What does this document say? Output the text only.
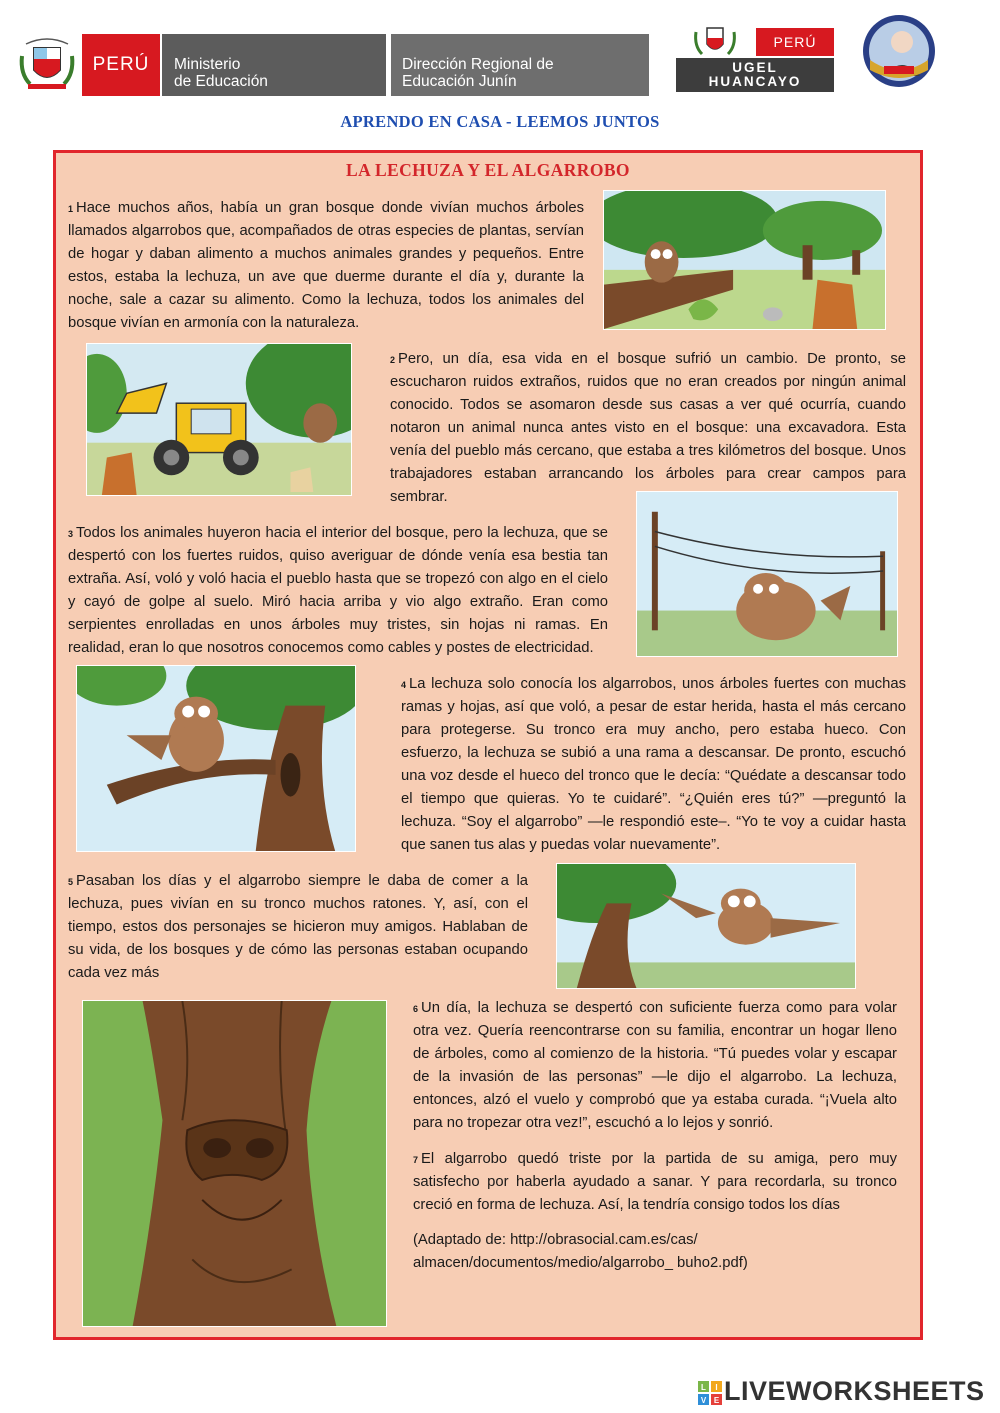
PERÚ	Ministerio
de Educación
Dirección Regional de
Educación Junín
PERÚ
UGEL
HUANCAYO
APRENDO EN CASA - LEEMOS JUNTOS
LA LECHUZA Y EL ALGARROBO

$^1$ Hace muchos años, había un gran bosque donde vivían muchos árboles llamados algarrobos que, acompañados de otras especies de plantas, servían de hogar y daban alimento a muchos animales grandes y pequeños. Entre estos, estaba la lechuza, un ave que duerme durante el día y, durante la noche, sale a cazar su alimento. Como la lechuza, todos los animales del bosque vivían en armonía con la naturaleza.

$^2$ Pero, un día, esa vida en el bosque sufrió un cambio. De pronto, se escucharon ruidos extraños, ruidos que no eran creados por ningún animal conocido. Todos se asomaron desde sus casas a ver qué ocurría, cuando notaron un animal nunca antes visto en el bosque: una excavadora. Esta venía del pueblo más cercano, que estaba a tres kilómetros del bosque. Unos trabajadores estaban arrancando los árboles para crear campos para sembrar.

$^3$ Todos los animales huyeron hacia el interior del bosque, pero la lechuza, que se despertó con los fuertes ruidos, quiso averiguar de dónde venía esa bestia tan extraña. Así, voló y voló hacia el pueblo hasta que se tropezó con algo en el cielo y cayó de golpe al suelo. Miró hacia arriba y vio algo extraño. Eran como serpientes enrolladas en unos árboles muy tristes, sin hojas ni ramas. En realidad, eran lo que nosotros conocemos como cables y postes de electricidad.

$^4$ La lechuza solo conocía los algarrobos, unos árboles fuertes con muchas ramas y hojas, así que voló, a pesar de estar herida, hasta el más cercano para protegerse. Su tronco era muy ancho, pero estaba hueco. Con esfuerzo, la lechuza se subió a una rama a descansar. De pronto, escuchó una voz desde el hueco del tronco que le decía: “Quédate a descansar todo el tiempo que quieras. Yo te cuidaré”. “¿Quién eres tú?” —preguntó la lechuza. “Soy el algarrobo” —le respondió este–. “Yo te voy a cuidar hasta que sanen tus alas y puedas volar nuevamente”.

$^5$ Pasaban los días y el algarrobo siempre le daba de comer a la lechuza, pues vivían en su tronco muchos ratones. Y, así, con el tiempo, estos dos personajes se hicieron muy amigos. Hablaban de su vida, de los bosques y de cómo las personas estaban ocupando cada vez más

$^6$ Un día, la lechuza se despertó con suficiente fuerza como para volar otra vez. Quería reencontrarse con su familia, encontrar un hogar lleno de árboles, como al comienzo de la historia. “Tú puedes volar y escapar de la invasión de las personas” —le dijo el algarrobo. La lechuza, entonces, alzó el vuelo y comprobó que ya estaba curada. “¡Vuela alto para no tropezar otra vez!”, escuchó a lo lejos y sonrió.

$^7$ El algarrobo quedó triste por la partida de su amiga, pero muy satisfecho por haberla ayudado a sanar. Y para recordarla, su tronco creció en forma de lechuza. Así, la tendría consigo todos los días

(Adaptado de: http://obrasocial.cam.es/cas/
almacen/documentos/medio/algarrobo_ buho2.pdf)
L I
V E LIVEWORKSHEETS
